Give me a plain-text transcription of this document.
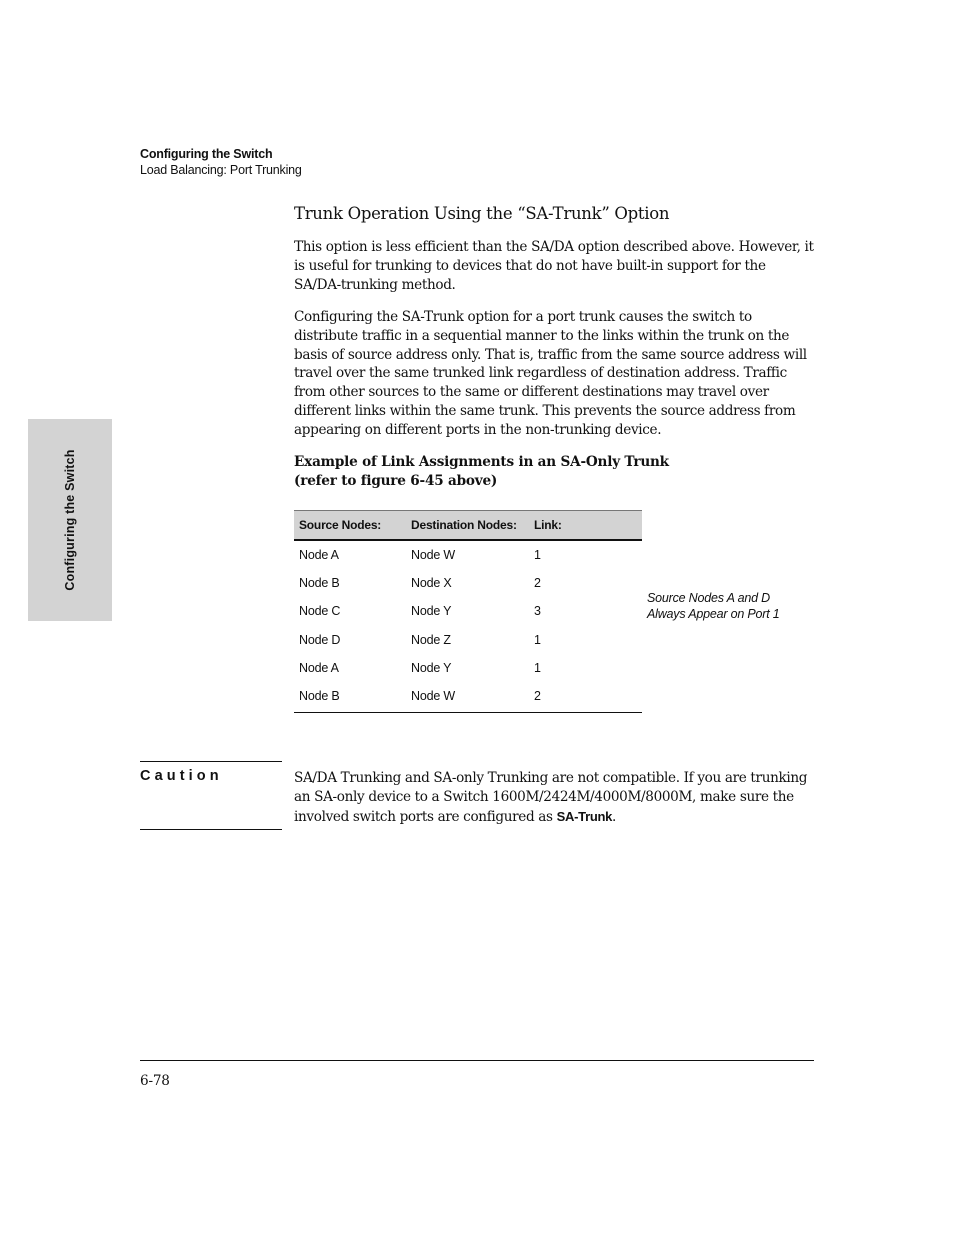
Configuring the Switch
Load Balancing: Port Trunking
Configuring the Switch
Trunk Operation Using the “SA-Trunk” Option

This option is less efficient than the SA/DA option described above. However, it is useful for trunking to devices that do not have built-in support for the SA/DA-trunking method.

Configuring the SA-Trunk option for a port trunk causes the switch to distribute traffic in a sequential manner to the links within the trunk on the basis of source address only. That is, traffic from the same source address will travel over the same trunked link regardless of destination address. Traffic from other sources to the same or different destinations may travel over different links within the same trunk. This prevents the source address from appearing on different ports in the non-trunking device.

Example of Link Assignments in an SA-Only Trunk
(refer to figure 6-45 above)
Source Nodes:	Destination Nodes:	Link:
Node A	Node W	1
Node B	Node X	2
Node C	Node Y	3
Node D	Node Z	1
Node A	Node Y	1
Node B	Node W	2
Source Nodes A and D
Always Appear on Port 1
Caution	SA/DA Trunking and SA-only Trunking are not compatible. If you are trunking an SA-only device to a Switch 1600M/2424M/4000M/8000M, make sure the involved switch ports are configured as SA-Trunk.

6-78
